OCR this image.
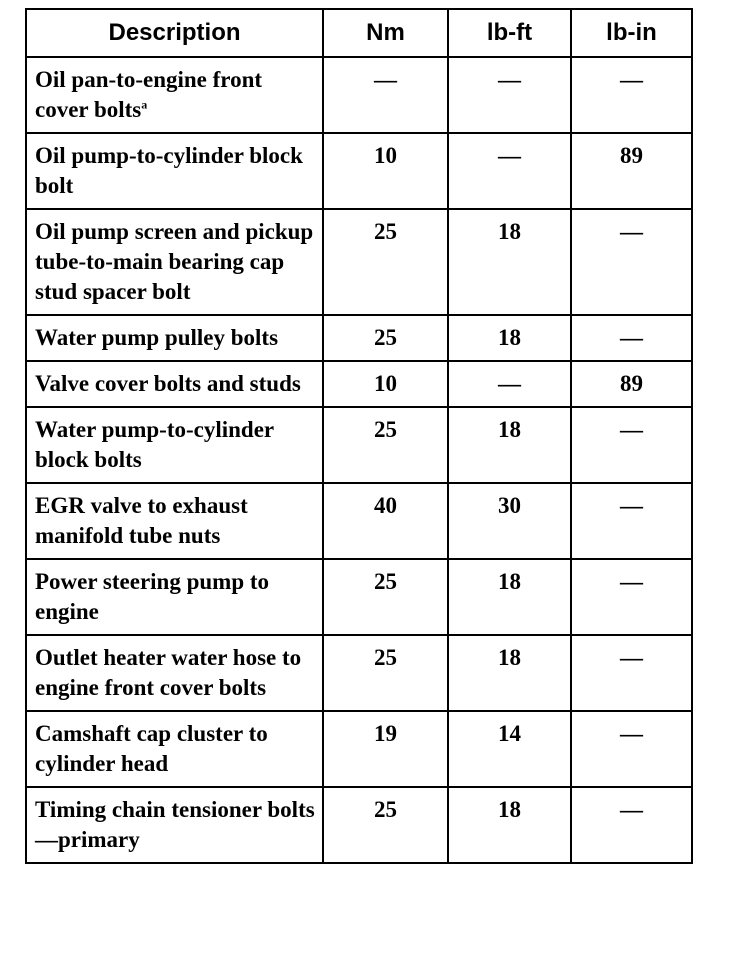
Description	Nm	lb-ft	lb-in
Oil pan-to-engine front cover bolts$^a$	—	—	—
Oil pump-to-cylinder block bolt	10	—	89
Oil pump screen and pickup tube-to-main bearing cap stud spacer bolt	25	18	—
Water pump pulley bolts	25	18	—
Valve cover bolts and studs	10	—	89
Water pump-to-cylinder block bolts	25	18	—
EGR valve to exhaust manifold tube nuts	40	30	—
Power steering pump to engine	25	18	—
Outlet heater water hose to engine front cover bolts	25	18	—
Camshaft cap cluster to cylinder head	19	14	—
Timing chain tensioner bolts—primary	25	18	—
